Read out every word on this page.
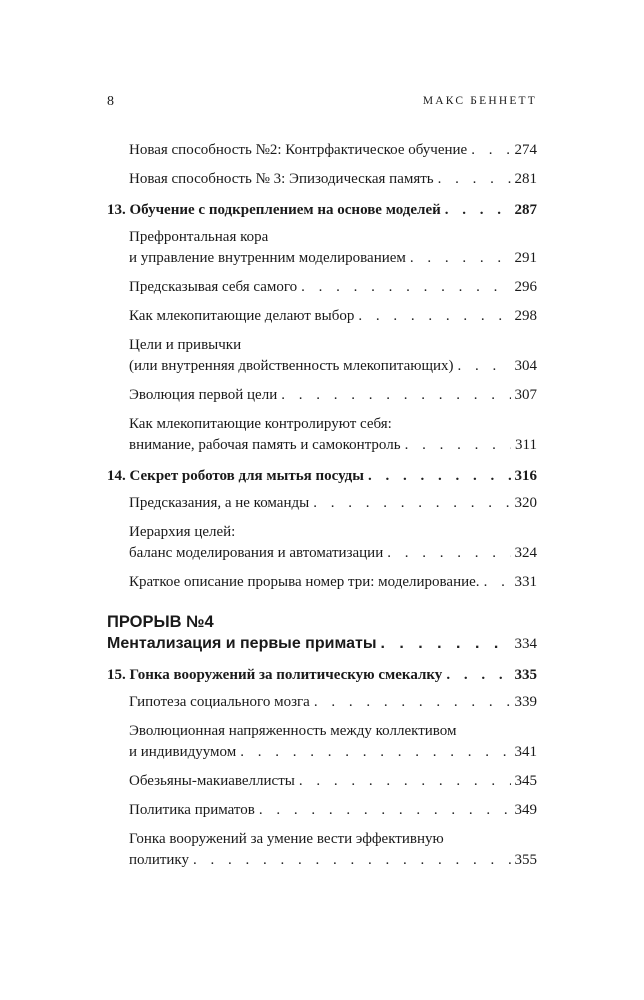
8	МАКС БЕННЕТТ
Новая способность №2: Контрфактическое обучение . . .	274
Новая способность № 3: Эпизодическая память . . .	281
13. Обучение с подкреплением на основе моделей . . .	287
Префронтальная кора
и управление внутренним моделированием . . .	291
Предсказывая себя самого . . .	296
Как млекопитающие делают выбор . . .	298
Цели и привычки
(или внутренняя двойственность млекопитающих) . . .	304
Эволюция первой цели . . .	307
Как млекопитающие контролируют себя:
внимание, рабочая память и самоконтроль . . .	311
14. Секрет роботов для мытья посуды . . .	316
Предсказания, а не команды . . .	320
Иерархия целей:
баланс моделирования и автоматизации . . .	324
Краткое описание прорыва номер три: моделирование. . . . 331
ПРОРЫВ №4
Ментализация и первые приматы . . .	334
15. Гонка вооружений за политическую смекалку . . .	335
Гипотеза социального мозга . . .	339
Эволюционная напряженность между коллективом
и индивидуумом . . .	341
Обезьяны-макиавеллисты . . .	345
Политика приматов . . .	349
Гонка вооружений за умение вести эффективную
политику . . .	355
